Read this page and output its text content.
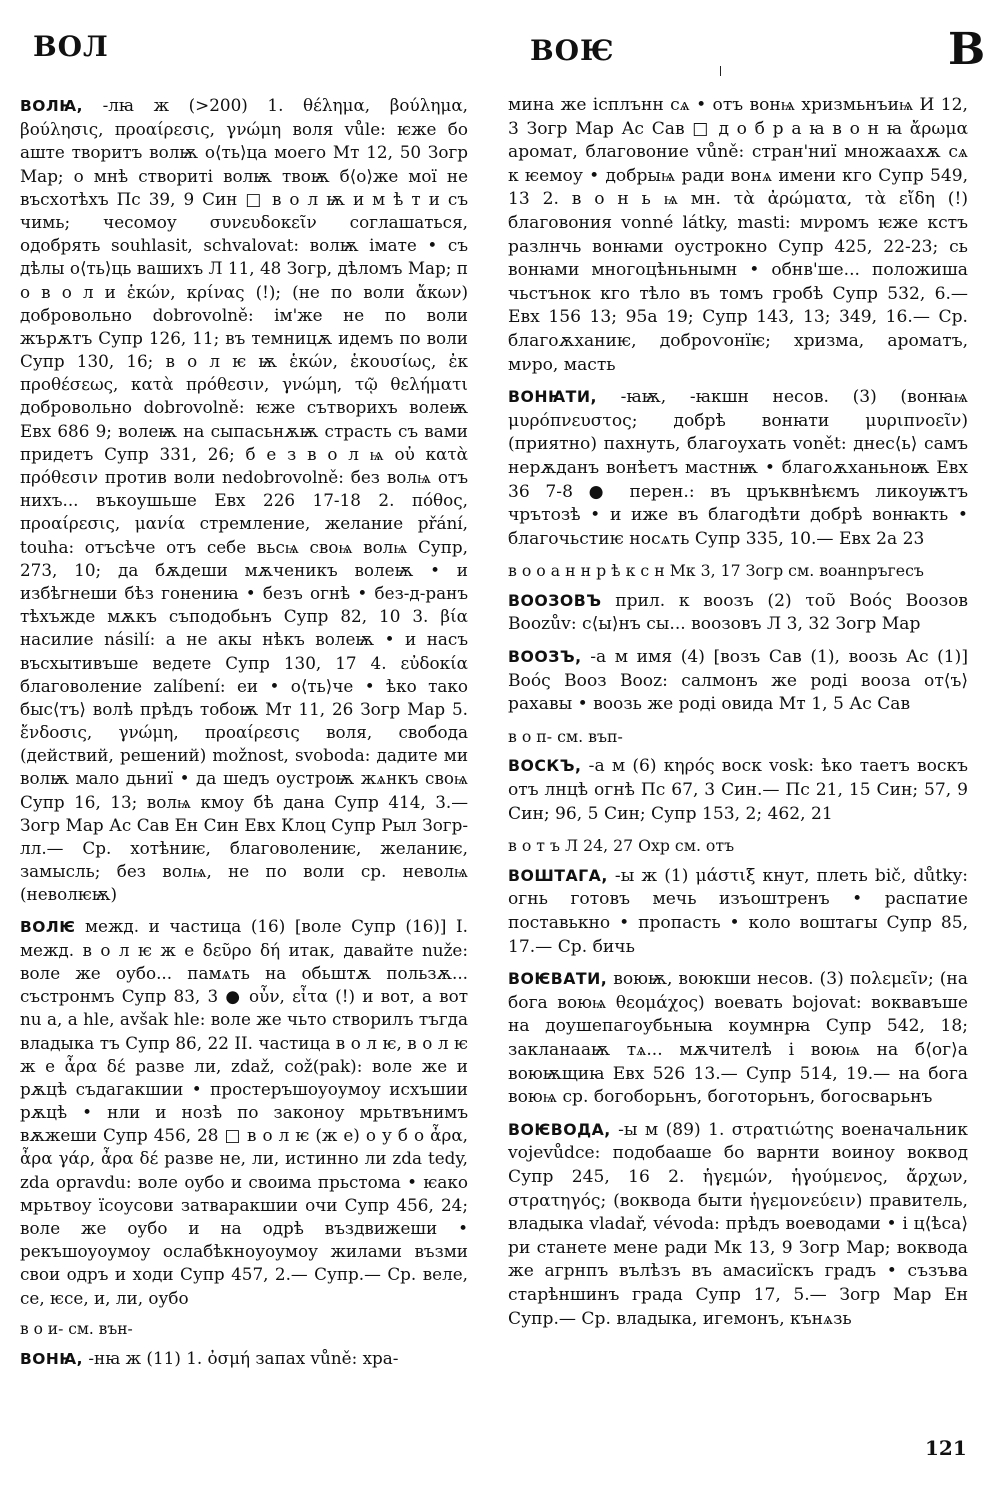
ВОЛ	ВОѤ	В
ВОЛꙖ, -лꙗ ж (>200) 1. θέλημα, βούλημα, βούλησις, προαίρεσις, γνώμη воля vůle: ѥже бо аште творитъ волѭ о⟨ть⟩ца моего Мт 12, 50 Зогр Мар; о мнѣ створиті волѭ твоѭ б⟨о⟩же мої не въсхотѣхъ Пс 39, 9 Син □ в о л ѭ и м ѣ т и съ чимь; чесомоу συνευδοκεῖν соглашаться, одобрять souhlasit, schvalovat: волѭ імате • съ дѣлы о⟨ть⟩ць вашихъ Л 11, 48 Зогр, дѣломъ Мар; п о в о л и ἑκών, κρίνας (!); (не по воли ἄκων) добровольно dobrovolně: ім'же не по воли жърѫтъ Супр 126, 11; въ темницѫ идемъ по воли Супр 130, 16; в о л ѥ ѭ ἑκών, ἑκουσίως, ἐκ προθέσεως, κατὰ πρόθεσιν, γνώμη, τῷ θελήματι добровольно dobrovolně: ѥже сътворихъ волеѭ Евх 686 9; волеѭ на сыпасьнѫѭ страсть съ вами придетъ Супр 331, 26; б е з в о л ѩ οὐ κατὰ πρόθεσιν против воли nedobrovolně: без волѩ отъ нихъ... въкоушьше Евх 226 17-18 2. πόθος, προαίρεσις, μανία стремление, желание přání, touha: отъсѣче отъ себе вьсѩ своѩ волѩ Супр, 273, 10; да бѫдеши мѫченикъ волеѭ • и избѣгнеши бѣз гонениꙗ • безъ огнѣ • без-д-ранъ тѣхъжде мѫкъ съподобьнъ Супр 82, 10 3. βία насилие násilí: а не акы нѣкъ волеѭ • и насъ въсхытивъше ведете Супр 130, 17 4. εὐδοκία благоволение zalíbení: еи • о⟨ть⟩че • ѣко тако быс⟨тъ⟩ волѣ прѣдъ тобоѭ Мт 11, 26 Зогр Мар 5. ἔνδοσις, γνώμη, προαίρεσις воля, свобода (действий, решений) možnost, svoboda: дадите ми волѭ мало дьниї • да шедъ оустроѭ жѧнкъ своѩ Супр 16, 13; волѩ кмоу бѣ дана Супр 414, 3.— Зогр Мар Ас Сав Ен Син Евх Клоц Супр Рыл Зогр-лл.— Ср. хотѣниѥ, благоволениѥ, желаниѥ, замысль; без волѩ, не по воли ср. неволѩ (неволѥѭ)
ВОЛѤ межд. и частица (16) [воле Супр (16)] I. межд. в о л ѥ ж е δεῦρο δή итак, давайте nuže: воле же оубо... памѧть на обьштѫ пользѫ... състронмъ Супр 83, 3 ● οὖν, εἶτα (!) и вот, а вот nu a, a hle, avšak hle: воле же чьто створилъ тъгда владыка тъ Супр 86, 22 II. частица в о л ѥ, в о л ѥ ж е ἆρα δέ разве ли, zdaž, což(pak): воле же и рѫцѣ съдагакшии • простеръшоуоумоу исхъшии рѫцѣ • нли и нозѣ по законоу мрьтвънимъ вѫжеши Супр 456, 28 □ в о л ѥ (ж е) о у б о ἆρα, ἆρα γάρ, ἆρα δέ разве не, ли, истинно ли zda tedy, zda opravdu: воле оубо и своима прьстома • ѥако мрьтвоу їсоусови затваракшии очи Супр 456, 24; воле же оубо и на одрѣ въздвижеши • рекъшоуоумоу ослабѣкноуоумоу жилами възми свои одръ и ходи Супр 457, 2.— Супр.— Ср. веле, се, ѥсе, и, ли, оубо
в о и- см. вън-
ВОНꙖ, -нꙗ ж (11) 1. ὀσμή запах vůně: хра-
мина же ісплънн сѧ • отъ вонѩ хризмьнъиѩ И 12, 3 Зогр Мар Ас Сав □ д о б р а ꙗ в о н ꙗ ἄρωμα аромат, благовоние vůně: стран'ниї множаахѫ сѧ к ѥемоу • добрыѩ ради вонѧ имени кго Супр 549, 13 2. в о н ь ѩ мн. τὰ ἀρώματα, τὰ εἴδη (!) благовония vonné látky, masti: мνромъ ѥже кстъ разлнчь вонꙗми оустрокно Супр 425, 22-23; сь вонꙗми многоцѣньнымн • обнв'ше... положиша чьстънок кго тѣло въ томъ гробѣ Супр 532, 6.— Евх 156 13; 95а 19; Супр 143, 13; 349, 16.— Ср. благоѫханиѥ, доброѵонїѥ; хризма, ароматъ, мνро, масть
ВОНꙖТИ, -ꙗѭ, -ꙗкшн несов. (3) (вонꙗѩ μυρόπνευστος; добрѣ вонꙗти μυριπνοεῖν) (приятно) пахнуть, благоухать vonět: днес⟨ь⟩ самъ нерѫданъ вонѣетъ мастнѭ • благоѫханьноѭ Евх 36 7-8 ● перен.: въ цръквнѣѥмъ ликоуѭтъ чрътозѣ • и иже въ благодѣти добрѣ вонꙗкть • благочьстиѥ носѧть Супр 335, 10.— Евх 2а 23
в о о а н н р ѣ к с н Мк 3, 17 Зогр см. воанnръгесъ
ВООЗОВЪ прил. к воозъ (2) τοῦ Βοός Воозов Boozův: с⟨ы⟩нъ сы... воозовъ Л 3, 32 Зогр Мар
ВООЗЪ, -а м имя (4) [возъ Сав (1), воозь Ас (1)] Βοός Вооз Booz: салмонъ же роді вооза от⟨ъ⟩ рахавы • воозь же роді овида Мт 1, 5 Ас Сав
в о п- см. въп-
ВОСКЪ, -а м (6) κηρός воск vosk: ѣко таетъ воскъ отъ лнцѣ огнѣ Пс 67, 3 Син.— Пс 21, 15 Син; 57, 9 Син; 96, 5 Син; Супр 153, 2; 462, 21
в о т ъ Л 24, 27 Охр см. отъ
ВОШТАГА, -ы ж (1) μάστιξ кнут, плеть bič, důtky: огнь готовъ мечь изъоштренъ • распатие поставькно • пропасть • коло воштагы Супр 85, 17.— Ср. бичь
ВОѤВАТИ, воюѭ, воюкши несов. (3) πολεμεῖν; (на бога воюѩ θεομάχος) воевать bojovat: воквавъше на доушепагоубьныꙗ коумнрꙗ Супр 542, 18; закланааѭ тѧ... мѫчителѣ і воюѩ на б⟨ог⟩а воюѭщиꙗ Евх 526 13.— Супр 514, 19.— на бога воюѩ ср. богоборьнъ, боготорьнъ, богосварьнъ
ВОѤВОДА, -ы м (89) 1. στρατιώτης военачальник vojevůdce: подобааше бо варнти воиноу воквод Супр 245, 16 2. ἡγεμών, ἡγούμενος, ἄρχων, στρατηγός; (воквода быти ἡγεμονεύειν) правитель, владыка vladař, vévoda: прѣдъ воеводами • і ц⟨ѣса⟩ри станете мене ради Мк 13, 9 Зогр Мар; воквода же агрнпъ вълѣзъ въ амасиїскъ градъ • съзъва старѣншинъ града Супр 17, 5.— Зогр Мар Ен Супр.— Ср. владыка, игемонъ, кънѧзь
121
